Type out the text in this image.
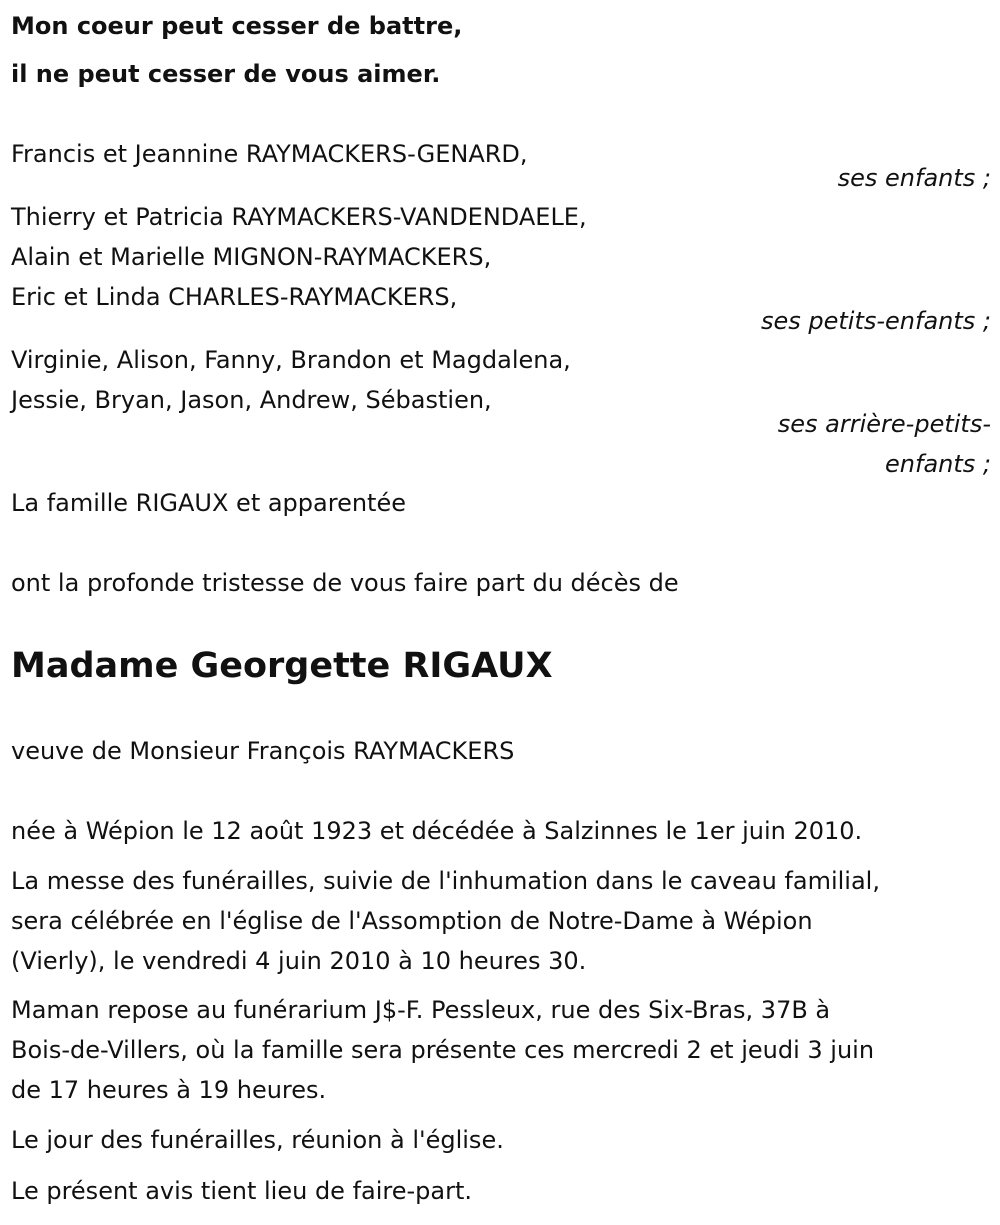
Mon coeur peut cesser de battre,
il ne peut cesser de vous aimer.
Francis et Jeannine RAYMACKERS-GENARD,
ses enfants ;
Thierry et Patricia RAYMACKERS-VANDENDAELE,
Alain et Marielle MIGNON-RAYMACKERS,
Eric et Linda CHARLES-RAYMACKERS,
ses petits-enfants ;
Virginie, Alison, Fanny, Brandon et Magdalena,
Jessie, Bryan, Jason, Andrew, Sébastien,
ses arrière-petits-
enfants ;
La famille RIGAUX et apparentée
ont la profonde tristesse de vous faire part du décès de
Madame Georgette RIGAUX
veuve de Monsieur François RAYMACKERS
née à Wépion le 12 août 1923 et décédée à Salzinnes le 1er juin 2010.
La messe des funérailles, suivie de l'inhumation dans le caveau familial,
sera célébrée en l'église de l'Assomption de Notre-Dame à Wépion
(Vierly), le vendredi 4 juin 2010 à 10 heures 30.
Maman repose au funérarium J$-F. Pessleux, rue des Six-Bras, 37B à
Bois-de-Villers, où la famille sera présente ces mercredi 2 et jeudi 3 juin
de 17 heures à 19 heures.
Le jour des funérailles, réunion à l'église.
Le présent avis tient lieu de faire-part.
